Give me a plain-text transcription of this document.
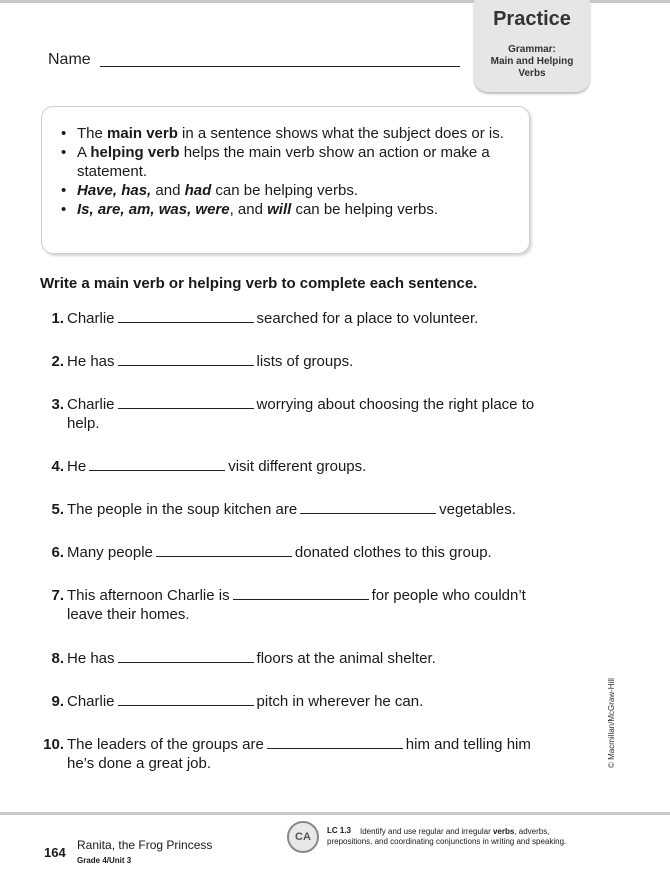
Practice
Grammar:
Main and Helping
Verbs
Name
• The main verb in a sentence shows what the subject does or is.
• A helping verb helps the main verb show an action or make a statement.
• Have, has, and had can be helping verbs.
• Is, are, am, was, were, and will can be helping verbs.
Write a main verb or helping verb to complete each sentence.
1. Charlie	searched for a place to volunteer.
2. He has	lists of groups.
3. Charlie	worrying about choosing the right place to
help.
4. He	visit different groups.
5. The people in the soup kitchen are	vegetables.
6. Many people	donated clothes to this group.
7. This afternoon Charlie is	for people who couldn’t
leave their homes.
8. He has	floors at the animal shelter.
9. Charlie	pitch in wherever he can.
10. The leaders of the groups are	him and telling him
he’s done a great job.	© Macmillan/McGraw-Hill
164 Ranita, the Frog Princess
Grade 4/Unit 3
CA
LC 1.3 Identify and use regular and irregular verbs, adverbs,
prepositions, and coordinating conjunctions in writing and speaking.
